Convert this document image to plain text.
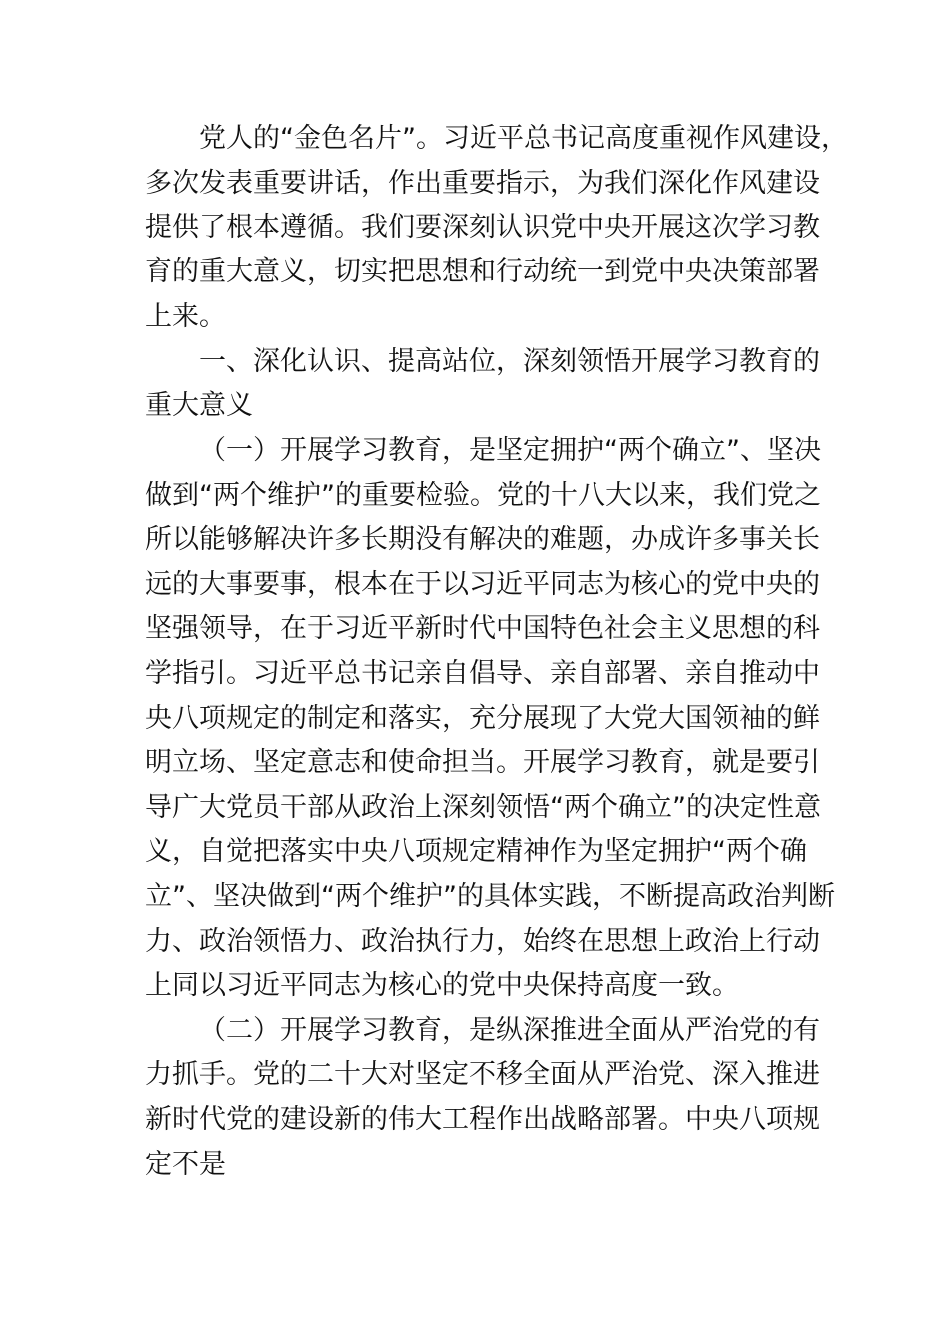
党人的“金色名片”。习近平总书记高度重视作风建设，
多次发表重要讲话，作出重要指示，为我们深化作风建设
提供了根本遵循。我们要深刻认识党中央开展这次学习教
育的重大意义，切实把思想和行动统一到党中央决策部署
上来。
一、深化认识、提高站位，深刻领悟开展学习教育的
重大意义
（一）开展学习教育，是坚定拥护“两个确立”、坚决
做到“两个维护”的重要检验。党的十八大以来，我们党之
所以能够解决许多长期没有解决的难题，办成许多事关长
远的大事要事，根本在于以习近平同志为核心的党中央的
坚强领导，在于习近平新时代中国特色社会主义思想的科
学指引。习近平总书记亲自倡导、亲自部署、亲自推动中
央八项规定的制定和落实，充分展现了大党大国领袖的鲜
明立场、坚定意志和使命担当。开展学习教育，就是要引
导广大党员干部从政治上深刻领悟“两个确立”的决定性意
义，自觉把落实中央八项规定精神作为坚定拥护“两个确
立”、坚决做到“两个维护”的具体实践，不断提高政治判断
力、政治领悟力、政治执行力，始终在思想上政治上行动
上同以习近平同志为核心的党中央保持高度一致。
（二）开展学习教育，是纵深推进全面从严治党的有
力抓手。党的二十大对坚定不移全面从严治党、深入推进
新时代党的建设新的伟大工程作出战略部署。中央八项规
定不是
